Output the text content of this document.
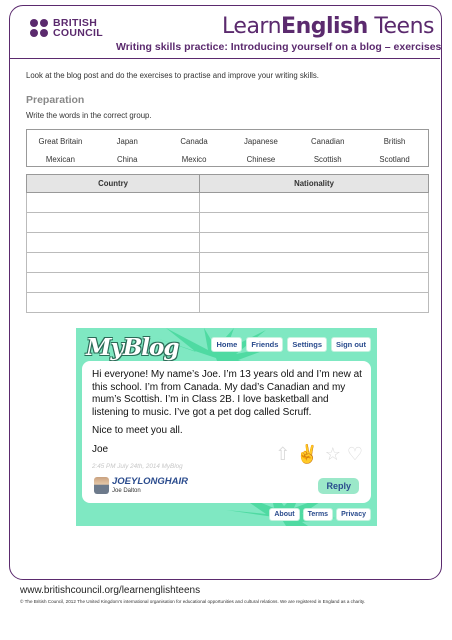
BRITISH
COUNCIL	LearnEnglish Teens
Writing skills practice: Introducing yourself on a blog – exercises
Look at the blog post and do the exercises to practise and improve your writing skills.
Preparation
Write the words in the correct group.
Great Britain	Japan	Canada	Japanese	Canadian	British
Mexican	China	Mexico	Chinese	Scottish	Scotland
Country	Nationality

MyBlog	Home	Friends	Settings	Sign out

Hi everyone! My name’s Joe. I’m 13 years old and I’m new at this school. I’m from Canada. My dad’s Canadian and my mum’s Scottish. I’m in Class 2B. I love basketball and listening to music. I’ve got a pet dog called Scruff.

Nice to meet you all.

Joe	⇧ ✌ ☆ ♡
2:45 PM July 24th, 2014 MyBlog
JOEYLONGHAIR
Joe Dalton	Reply
About	Terms	Privacy
www.britishcouncil.org/learnenglishteens
© The British Council, 2012 The United Kingdom’s international organisation for educational opportunities and cultural relations. We are registered in England as a charity.
